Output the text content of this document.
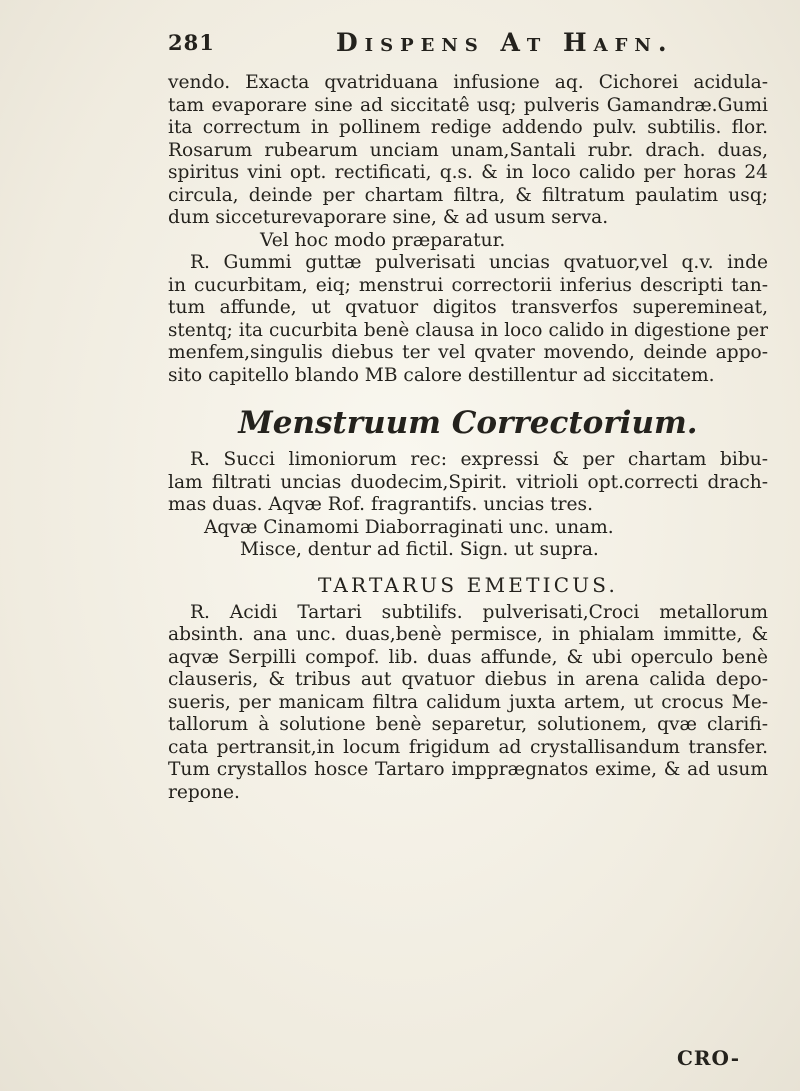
281	Dispens At Hafn.
vendo. Exacta qvatriduana infusione aq. Cichorei acidula-
tam evaporare sine ad siccitatê usq; pulveris Gamandræ.Gumi
ita correctum in pollinem redige addendo pulv. subtilis. flor.
Rosarum rubearum unciam unam,Santali rubr. drach. duas,
spiritus vini opt. rectificati, q.s. & in loco calido per horas 24
circula, deinde per chartam filtra, & filtratum paulatim usq;
dum sicceturevaporare sine, & ad usum serva.
Vel hoc modo præparatur.
R. Gummi guttæ pulverisati uncias qvatuor,vel q.v. inde
in cucurbitam, eiq; menstrui correctorii inferius descripti tan-
tum affunde, ut qvatuor digitos transverfos superemineat,
stentq; ita cucurbita benè clausa in loco calido in digestione per
menfem,singulis diebus ter vel qvater movendo, deinde appo-
sito capitello blando MB calore destillentur ad siccitatem.
Menstruum Correctorium.
R. Succi limoniorum rec: expressi & per chartam bibu-
lam filtrati uncias duodecim,Spirit. vitrioli opt.correcti drach-
mas duas. Aqvæ Rof. fragrantifs. uncias tres.
Aqvæ Cinamomi Diaborraginati unc. unam.
Misce, dentur ad fictil. Sign. ut supra.
TARTARUS EMETICUS.
R. Acidi Tartari subtilifs. pulverisati,Croci metallorum
absinth. ana unc. duas,benè permisce, in phialam immitte, &
aqvæ Serpilli compof. lib. duas affunde, & ubi operculo benè
clauseris, & tribus aut qvatuor diebus in arena calida depo-
sueris, per manicam filtra calidum juxta artem, ut crocus Me-
tallorum à solutione benè separetur, solutionem, qvæ clarifi-
cata pertransit,in locum frigidum ad crystallisandum transfer.
Tum crystallos hosce Tartaro impprægnatos exime, & ad usum
repone.
CRO-
